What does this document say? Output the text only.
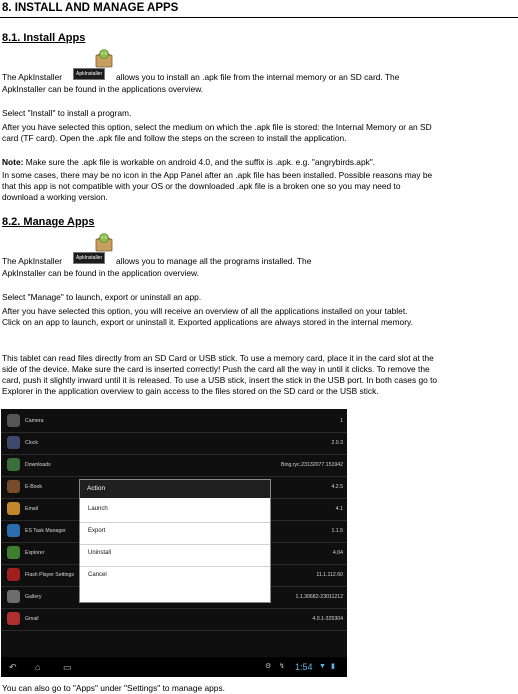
8. INSTALL AND MANAGE APPS
8.1. Install Apps
The ApkInstaller	ApkInstaller	allows you to install an .apk file from the internal memory or an SD card. The
ApkInstaller can be found in the applications overview.
Select "Install" to install a program.
After you have selected this option, select the medium on which the .apk file is stored: the Internal Memory or an SD
card (TF card). Open the .apk file and follow the steps on the screen to install the application.
Note: Make sure the .apk file is workable on android 4.0, and the suffix is .apk. e.g. "angrybirds.apk".
In some cases, there may be no icon in the App Panel after an .apk file has been installed. Possible reasons may be
that this app is not compatible with your OS or the downloaded .apk file is a broken one so you may need to
download a working version.
8.2. Manage Apps
The ApkInstaller	ApkInstaller	allows you to manage all the programs installed. The
ApkInstaller can be found in the application overview.
Select "Manage" to launch, export or uninstall an app.
After you have selected this option, you will receive an overview of all the applications installed on your tablet.
Click on an app to launch, export or uninstall it. Exported applications are always stored in the internal memory.
This tablet can read files directly from an SD Card or USB stick. To use a memory card, place it in the card slot at the
side of the device. Make sure the card is inserted correctly! Push the card all the way in until it clicks. To remove the
card, push it slightly inward until it is released. To use a USB stick, insert the stick in the USB port. In both cases go to
Explorer in the application overview to gain access to the files stored on the SD card or the USB stick.
Camera	1
Clock	2.0.3
Downloads	Bing.ryc.23132077.151942
E-Book	4.2.5
Email	4.1
ES Task Manager	1.1.5
Explorer	4.04
Flash Player Settings	11.1.112.60
Gallery	1.1.30682-23011212
Gmail	4.0.1-325304
Action
Launch
Export
Uninstall
Cancel
↶ ⌂	▭	⚙ ↯ 1:54 ▼ ▮
You can also go to "Apps" under "Settings" to manage apps.
